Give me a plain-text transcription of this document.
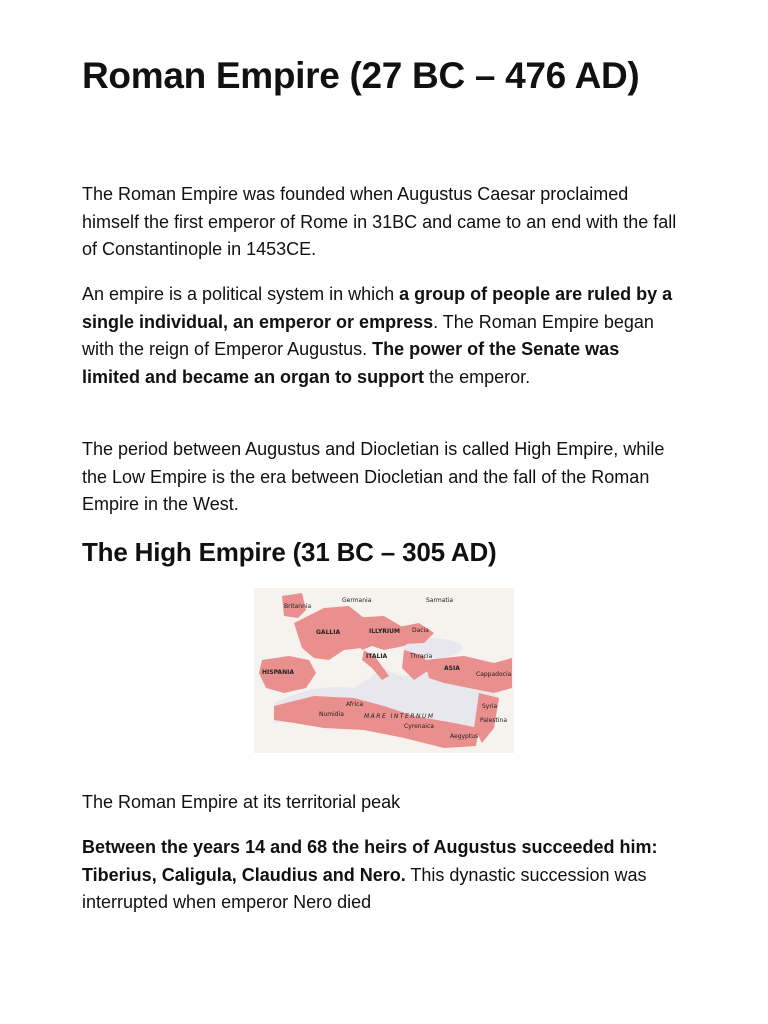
Roman Empire (27 BC – 476 AD)

The Roman Empire was founded when Augustus Caesar proclaimed himself the first emperor of Rome in 31BC and came to an end with the fall of Constantinople in 1453CE.

An empire is a political system in which a group of people are ruled by a single individual, an emperor or empress. The Roman Empire began with the reign of Emperor Augustus. The power of the Senate was limited and became an organ to support the emperor.

The period between Augustus and Diocletian is called High Empire, while the Low Empire is the era between Diocletian and the fall of the Roman Empire in the West.

The High Empire (31 BC – 305 AD)
Germania	Sarmatia
Britannia
GALLIA	ILLYRIUM
ITALIA
HISPANIA
Dacia
Thracia
ASIA
Cappadocia
Syria
MARE INTERNUM
Numidia
Africa
Aegyptus
Cyrenaica
Palestina

The Roman Empire at its territorial peak

Between the years 14 and 68 the heirs of Augustus succeeded him: Tiberius, Caligula, Claudius and Nero. This dynastic succession was interrupted when emperor Nero died
